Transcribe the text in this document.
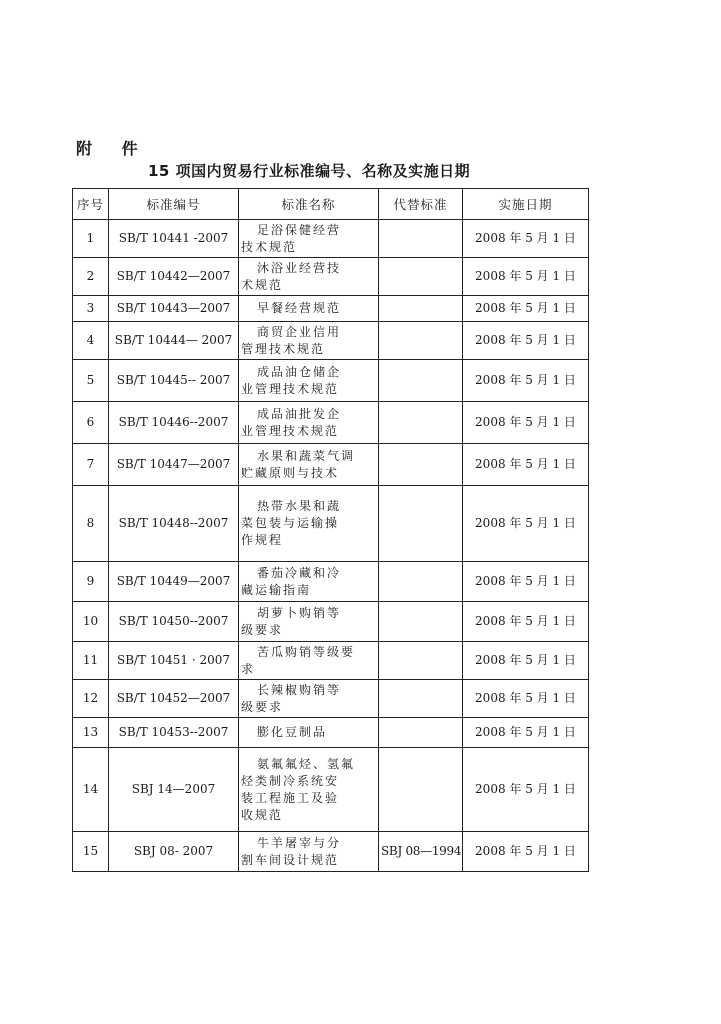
附 件
15 项国内贸易行业标准编号、名称及实施日期
序号	标准编号	标准名称	代替标准	实施日期
1	SB/T 10441 -2007	足浴保健经营
技术规范		2008 年 5 月 1 日
2	SB/T 10442—2007	沐浴业经营技
术规范		2008 年 5 月 1 日
3	SB/T 10443—2007	早餐经营规范		2008 年 5 月 1 日
4	SB/T 10444— 2007	商贸企业信用
管理技术规范		2008 年 5 月 1 日
5	SB/T 10445-- 2007	成品油仓储企
业管理技术规范		2008 年 5 月 1 日
6	SB/T 10446--2007	成品油批发企
业管理技术规范		2008 年 5 月 1 日
7	SB/T 10447—2007	水果和蔬菜气调
贮藏原则与技术		2008 年 5 月 1 日
8	SB/T 10448--2007	热带水果和蔬
菜包装与运输操
作规程		2008 年 5 月 1 日
9	SB/T 10449—2007	番茄冷藏和冷
藏运输指南		2008 年 5 月 1 日
10	SB/T 10450--2007	胡萝卜购销等
级要求		2008 年 5 月 1 日
11	SB/T 10451 · 2007	苦瓜购销等级要
求		2008 年 5 月 1 日
12	SB/T 10452—2007	长辣椒购销等
级要求		2008 年 5 月 1 日
13	SB/T 10453--2007	膨化豆制品		2008 年 5 月 1 日
14	SBJ 14—2007	氨氟氟烃、氢氟
烃类制冷系统安
装工程施工及验
收规范		2008 年 5 月 1 日
15	SBJ 08- 2007	牛羊屠宰与分
割车间设计规范	SBJ 08—1994	2008 年 5 月 1 日
